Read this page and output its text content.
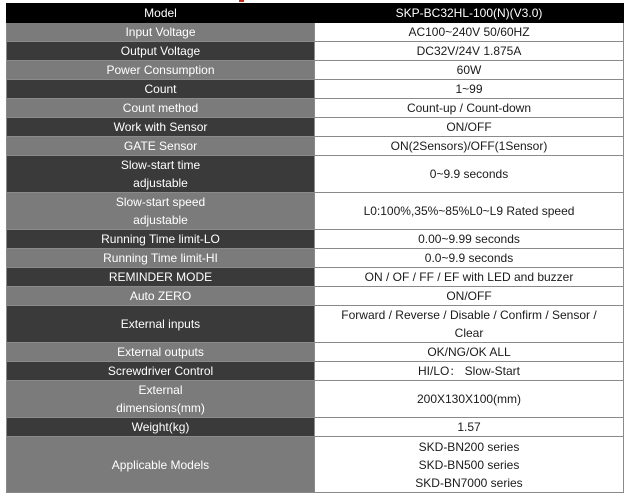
Model	SKP-BC32HL-100(N)(V3.0)

Input Voltage	AC100~240V 50/60HZ

Output Voltage	DC32V/24V 1.875A

Power Consumption	60W

Count	1~99

Count method	Count-up / Count-down

Work with Sensor	ON/OFF

GATE Sensor	ON(2Sensors)/OFF(1Sensor)

Slow-start time
adjustable	0~9.9 seconds

Slow-start speed
adjustable	L0:100%,35%~85%L0~L9 Rated speed

Running Time limit-LO	0.00~9.99 seconds

Running Time limit-HI	0.0~9.9 seconds

REMINDER MODE	ON / OF / FF / EF with LED and buzzer

Auto ZERO	ON/OFF

External inputs	Forward / Reverse / Disable / Confirm / Sensor /
Clear

External outputs	OK/NG/OK ALL

Screwdriver Control	HI/LO： Slow-Start

External
dimensions(mm)	200X130X100(mm)

Weight(kg)	1.57

Applicable Models	SKD-BN200 series
SKD-BN500 series
SKD-BN7000 series
